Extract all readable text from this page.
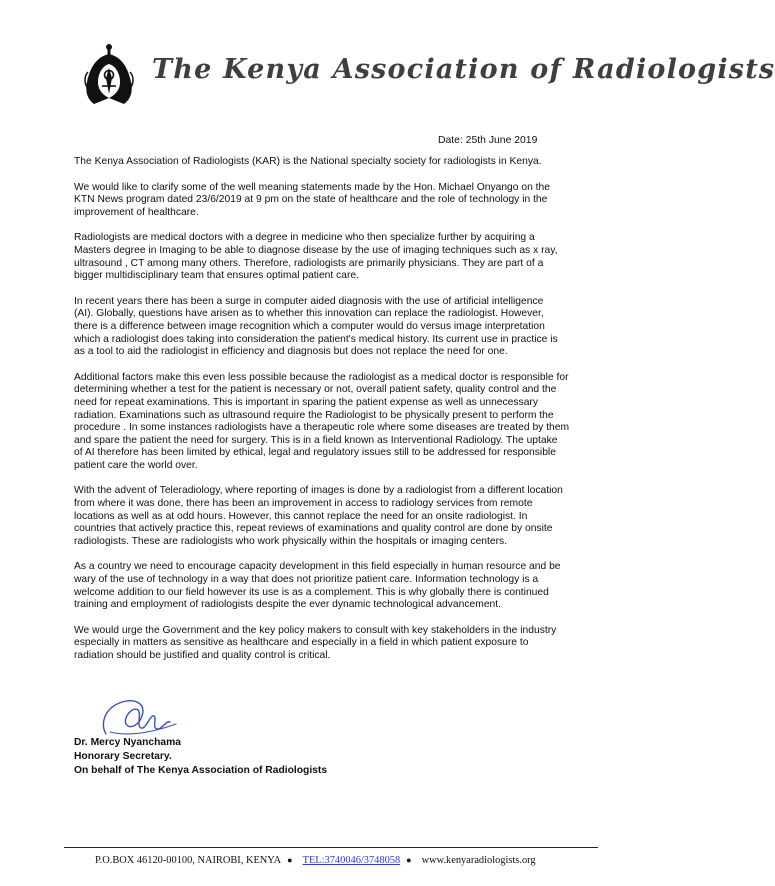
The Kenya Association of Radiologists
Date: 25th June 2019

The Kenya Association of Radiologists (KAR) is the National specialty society for radiologists in Kenya.

We would like to clarify some of the well meaning statements made by the Hon. Michael Onyango on the
KTN News program dated 23/6/2019 at 9 pm on the state of healthcare and the role of technology in the
improvement of healthcare.

Radiologists are medical doctors with a degree in medicine who then specialize further by acquiring a
Masters degree in Imaging to be able to diagnose disease by the use of imaging techniques such as x ray,
ultrasound , CT among many others. Therefore, radiologists are primarily physicians. They are part of a
bigger multidisciplinary team that ensures optimal patient care.

In recent years there has been a surge in computer aided diagnosis with the use of artificial intelligence
(AI). Globally, questions have arisen as to whether this innovation can replace the radiologist. However,
there is a difference between image recognition which a computer would do versus image interpretation
which a radiologist does taking into consideration the patient's medical history. Its current use in practice is
as a tool to aid the radiologist in efficiency and diagnosis but does not replace the need for one.

Additional factors make this even less possible because the radiologist as a medical doctor is responsible for
determining whether a test for the patient is necessary or not, overall patient safety, quality control and the
need for repeat examinations. This is important in sparing the patient expense as well as unnecessary
radiation. Examinations such as ultrasound require the Radiologist to be physically present to perform the
procedure . In some instances radiologists have a therapeutic role where some diseases are treated by them
and spare the patient the need for surgery. This is in a field known as Interventional Radiology. The uptake
of AI therefore has been limited by ethical, legal and regulatory issues still to be addressed for responsible
patient care the world over.

With the advent of Teleradiology, where reporting of images is done by a radiologist from a different location
from where it was done, there has been an improvement in access to radiology services from remote
locations as well as at odd hours. However, this cannot replace the need for an onsite radiologist. In
countries that actively practice this, repeat reviews of examinations and quality control are done by onsite
radiologists. These are radiologists who work physically within the hospitals or imaging centers.

As a country we need to encourage capacity development in this field especially in human resource and be
wary of the use of technology in a way that does not prioritize patient care. Information technology is a
welcome addition to our field however its use is as a complement. This is why globally there is continued
training and employment of radiologists despite the ever dynamic technological advancement.

We would urge the Government and the key policy makers to consult with key stakeholders in the industry
especially in matters as sensitive as healthcare and especially in a field in which patient exposure to
radiation should be justified and quality control is critical.

Dr. Mercy Nyanchama
Honorary Secretary.
On behalf of The Kenya Association of Radiologists
P.O.BOX 46120-00100, NAIROBI, KENYA ● TEL:3740046/3748058 ● www.kenyaradiologists.org
